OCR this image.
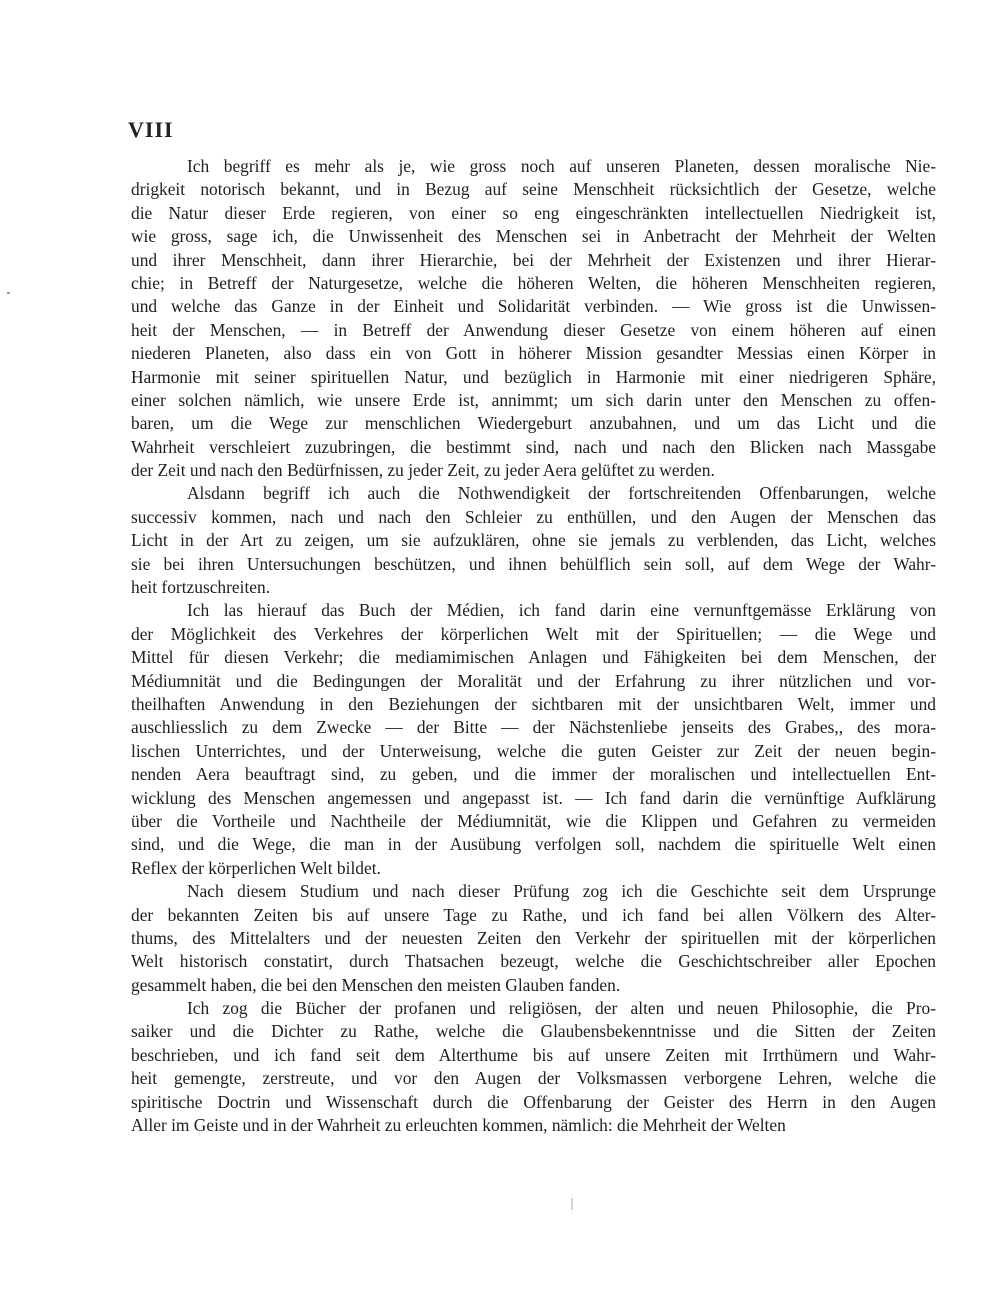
VIII
Ich begriff es mehr als je, wie gross noch auf unseren Planeten, dessen moralische Nie-
drigkeit notorisch bekannt, und in Bezug auf seine Menschheit rücksichtlich der Gesetze, welche
die Natur dieser Erde regieren, von einer so eng eingeschränkten intellectuellen Niedrigkeit ist,
wie gross, sage ich, die Unwissenheit des Menschen sei in Anbetracht der Mehrheit der Welten
und ihrer Menschheit, dann ihrer Hierarchie, bei der Mehrheit der Existenzen und ihrer Hierar-
chie; in Betreff der Naturgesetze, welche die höheren Welten, die höheren Menschheiten regieren,
und welche das Ganze in der Einheit und Solidarität verbinden. — Wie gross ist die Unwissen-
heit der Menschen, — in Betreff der Anwendung dieser Gesetze von einem höheren auf einen
niederen Planeten, also dass ein von Gott in höherer Mission gesandter Messias einen Körper in
Harmonie mit seiner spirituellen Natur, und bezüglich in Harmonie mit einer niedrigeren Sphäre,
einer solchen nämlich, wie unsere Erde ist, annimmt; um sich darin unter den Menschen zu offen-
baren, um die Wege zur menschlichen Wiedergeburt anzubahnen, und um das Licht und die
Wahrheit verschleiert zuzubringen, die bestimmt sind, nach und nach den Blicken nach Massgabe
der Zeit und nach den Bedürfnissen, zu jeder Zeit, zu jeder Aera gelüftet zu werden.
Alsdann begriff ich auch die Nothwendigkeit der fortschreitenden Offenbarungen, welche
successiv kommen, nach und nach den Schleier zu enthüllen, und den Augen der Menschen das
Licht in der Art zu zeigen, um sie aufzuklären, ohne sie jemals zu verblenden, das Licht, welches
sie bei ihren Untersuchungen beschützen, und ihnen behülflich sein soll, auf dem Wege der Wahr-
heit fortzuschreiten.
Ich las hierauf das Buch der Médien, ich fand darin eine vernunftgemässe Erklärung von
der Möglichkeit des Verkehres der körperlichen Welt mit der Spirituellen; — die Wege und
Mittel für diesen Verkehr; die mediamimischen Anlagen und Fähigkeiten bei dem Menschen, der
Médiumnität und die Bedingungen der Moralität und der Erfahrung zu ihrer nützlichen und vor-
theilhaften Anwendung in den Beziehungen der sichtbaren mit der unsichtbaren Welt, immer und
auschliesslich zu dem Zwecke — der Bitte — der Nächstenliebe jenseits des Grabes,, des mora-
lischen Unterrichtes, und der Unterweisung, welche die guten Geister zur Zeit der neuen begin-
nenden Aera beauftragt sind, zu geben, und die immer der moralischen und intellectuellen Ent-
wicklung des Menschen angemessen und angepasst ist. — Ich fand darin die vernünftige Aufklärung
über die Vortheile und Nachtheile der Médiumnität, wie die Klippen und Gefahren zu vermeiden
sind, und die Wege, die man in der Ausübung verfolgen soll, nachdem die spirituelle Welt einen
Reflex der körperlichen Welt bildet.
Nach diesem Studium und nach dieser Prüfung zog ich die Geschichte seit dem Ursprunge
der bekannten Zeiten bis auf unsere Tage zu Rathe, und ich fand bei allen Völkern des Alter-
thums, des Mittelalters und der neuesten Zeiten den Verkehr der spirituellen mit der körperlichen
Welt historisch constatirt, durch Thatsachen bezeugt, welche die Geschichtschreiber aller Epochen
gesammelt haben, die bei den Menschen den meisten Glauben fanden.
Ich zog die Bücher der profanen und religiösen, der alten und neuen Philosophie, die Pro-
saiker und die Dichter zu Rathe, welche die Glaubensbekenntnisse und die Sitten der Zeiten
beschrieben, und ich fand seit dem Alterthume bis auf unsere Zeiten mit Irrthümern und Wahr-
heit gemengte, zerstreute, und vor den Augen der Volksmassen verborgene Lehren, welche die
spiritische Doctrin und Wissenschaft durch die Offenbarung der Geister des Herrn in den Augen
Aller im Geiste und in der Wahrheit zu erleuchten kommen, nämlich: die Mehrheit der Welten
